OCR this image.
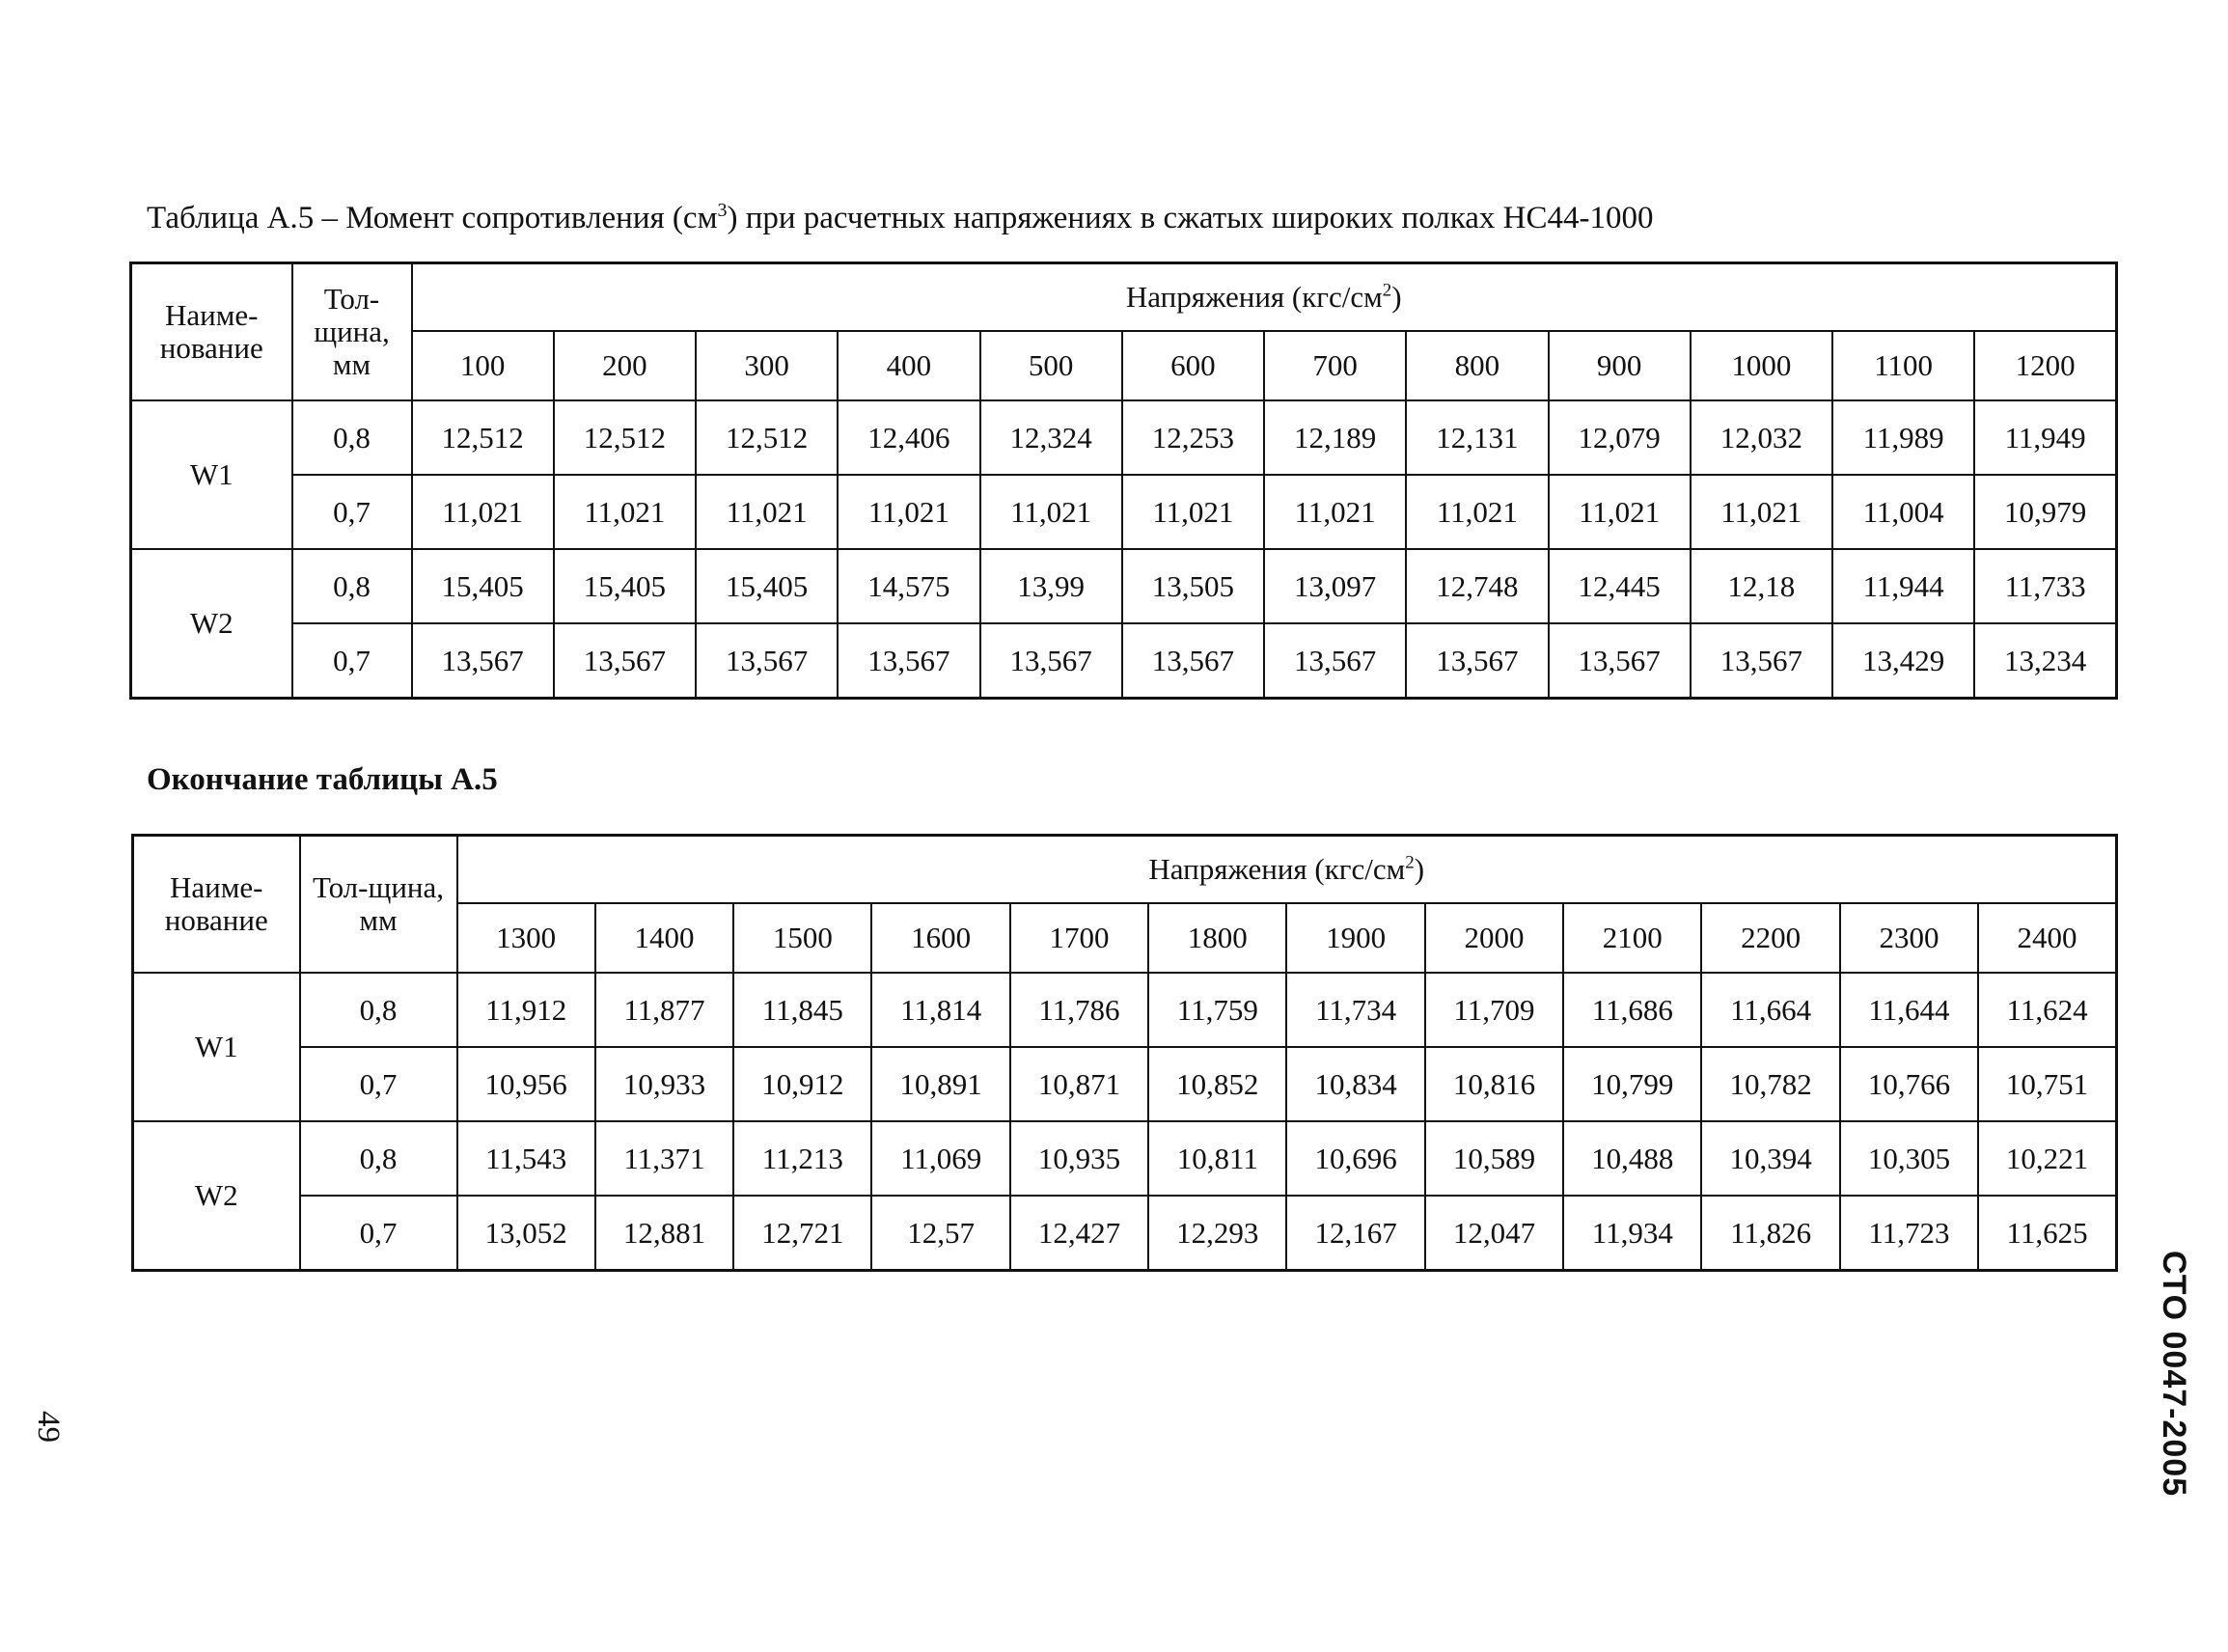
Таблица А.5 – Момент сопротивления $(см^3)$ при расчетных напряжениях в сжатых широких полках НС44-1000
Наиме-нование	Тол-щина, мм	Напряжения $(кгс/см^2)$											
		100	200	300	400	500	600	700	800	900	1000	1100	1200
W1	0,8	12,512	12,512	12,512	12,406	12,324	12,253	12,189	12,131	12,079	12,032	11,989	11,949
	0,7	11,021	11,021	11,021	11,021	11,021	11,021	11,021	11,021	11,021	11,021	11,004	10,979
W2	0,8	15,405	15,405	15,405	14,575	13,99	13,505	13,097	12,748	12,445	12,18	11,944	11,733
	0,7	13,567	13,567	13,567	13,567	13,567	13,567	13,567	13,567	13,567	13,567	13,429	13,234
Окончание таблицы А.5
Наиме-нование	Тол-щина, мм	Напряжения $(кгс/см^2)$											
		1300	1400	1500	1600	1700	1800	1900	2000	2100	2200	2300	2400
W1	0,8	11,912	11,877	11,845	11,814	11,786	11,759	11,734	11,709	11,686	11,664	11,644	11,624
	0,7	10,956	10,933	10,912	10,891	10,871	10,852	10,834	10,816	10,799	10,782	10,766	10,751
W2	0,8	11,543	11,371	11,213	11,069	10,935	10,811	10,696	10,589	10,488	10,394	10,305	10,221
	0,7	13,052	12,881	12,721	12,57	12,427	12,293	12,167	12,047	11,934	11,826	11,723	11,625
49	СТО 0047-2005
